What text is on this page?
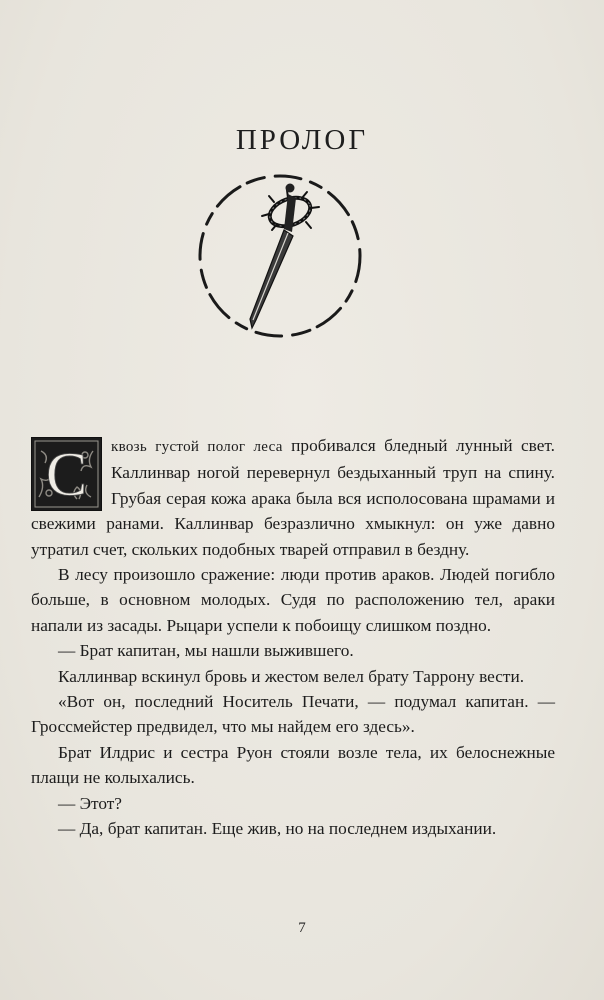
ПРОЛОГ

С квозь густой полог леса пробивался бледный лунный свет. Каллинвар ногой перевернул бездыханный труп на спину. Грубая серая кожа арака была вся исполосована шрамами и свежими ранами. Каллинвар безразлично хмыкнул: он уже давно утратил счет, скольких подобных тварей отправил в бездну.

В лесу произошло сражение: люди против араков. Людей погибло больше, в основном молодых. Судя по расположению тел, араки напали из засады. Рыцари успели к побоищу слишком поздно.

— Брат капитан, мы нашли выжившего.

Каллинвар вскинул бровь и жестом велел брату Таррону вести.

«Вот он, последний Носитель Печати, — подумал капитан. — Гроссмейстер предвидел, что мы найдем его здесь».

Брат Илдрис и сестра Руон стояли возле тела, их белоснежные плащи не колыхались.

— Этот?

— Да, брат капитан. Еще жив, но на последнем издыхании.

7
